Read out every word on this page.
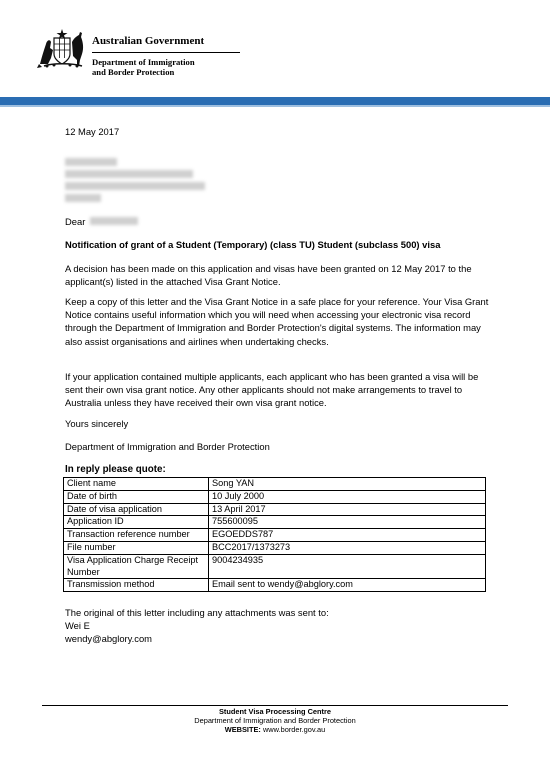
Australian Government
Department of Immigration
and Border Protection
12 May 2017
Dear
Notification of grant of a Student (Temporary) (class TU) Student (subclass 500) visa
A decision has been made on this application and visas have been granted on 12 May 2017 to the applicant(s) listed in the attached Visa Grant Notice.
Keep a copy of this letter and the Visa Grant Notice in a safe place for your reference. Your Visa Grant Notice contains useful information which you will need when accessing your electronic visa record through the Department of Immigration and Border Protection's digital systems. The information may also assist organisations and airlines when undertaking checks.
If your application contained multiple applicants, each applicant who has been granted a visa will be sent their own visa grant notice. Any other applicants should not make arrangements to travel to Australia unless they have received their own visa grant notice.
Yours sincerely
Department of Immigration and Border Protection
In reply please quote:
Client name	Song YAN
Date of birth	10 July 2000
Date of visa application	13 April 2017
Application ID	755600095
Transaction reference number	EGOEDDS787
File number	BCC2017/1373273
Visa Application Charge Receipt Number	9004234935
Transmission method	Email sent to wendy@abglory.com
The original of this letter including any attachments was sent to:
Wei E
wendy@abglory.com
Student Visa Processing Centre
Department of Immigration and Border Protection
WEBSITE: www.border.gov.au
